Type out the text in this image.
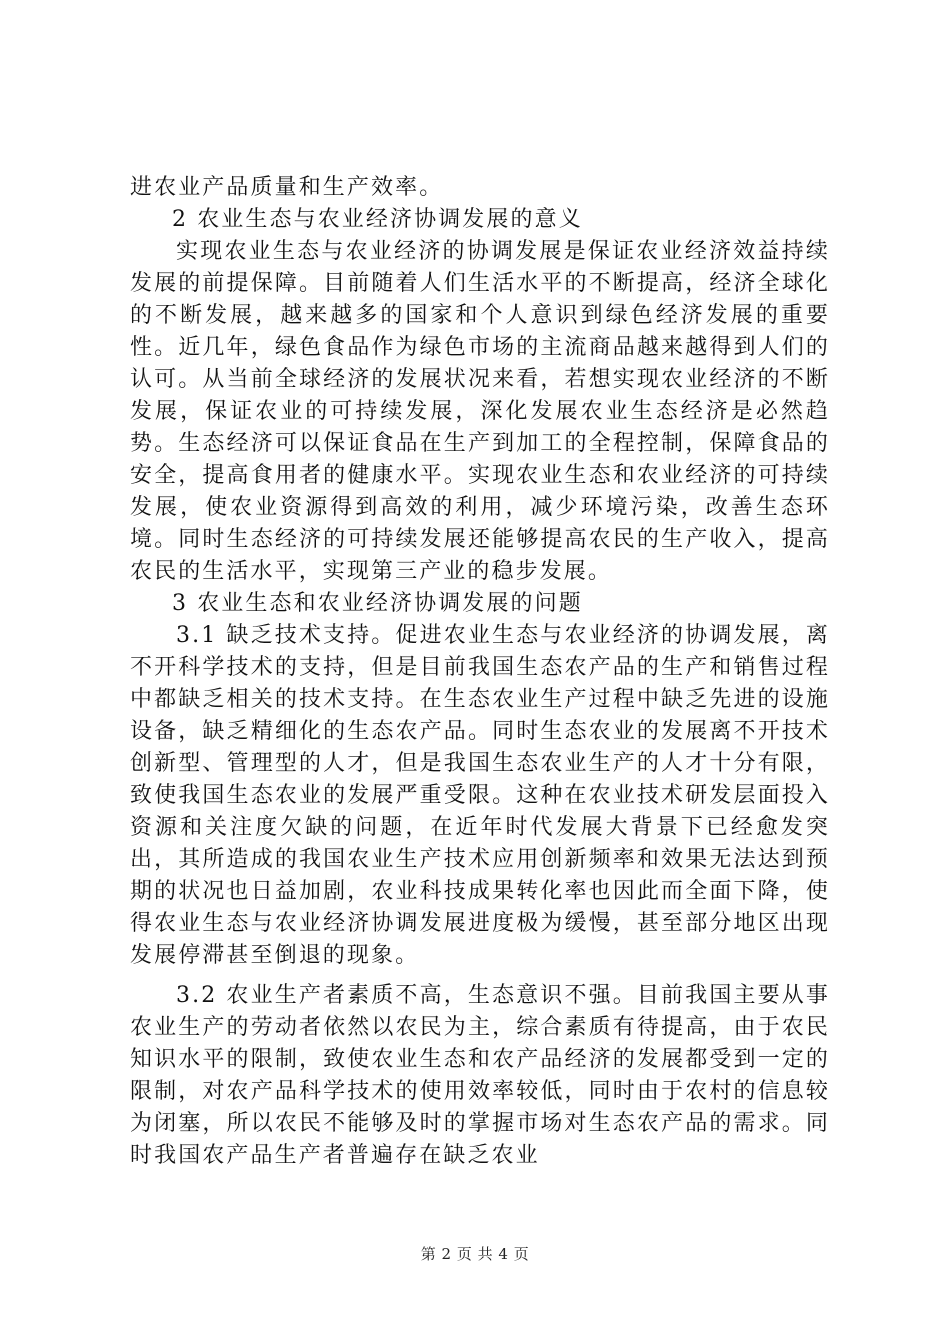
进农业产品质量和生产效率。

2 农业生态与农业经济协调发展的意义

实现农业生态与农业经济的协调发展是保证农业经济效益持续发展的前提保障。目前随着人们生活水平的不断提高，经济全球化的不断发展，越来越多的国家和个人意识到绿色经济发展的重要性。近几年，绿色食品作为绿色市场的主流商品越来越得到人们的认可。从当前全球经济的发展状况来看，若想实现农业经济的不断发展，保证农业的可持续发展，深化发展农业生态经济是必然趋势。生态经济可以保证食品在生产到加工的全程控制，保障食品的安全，提高食用者的健康水平。实现农业生态和农业经济的可持续发展，使农业资源得到高效的利用，减少环境污染，改善生态环境。同时生态经济的可持续发展还能够提高农民的生产收入，提高农民的生活水平，实现第三产业的稳步发展。

3 农业生态和农业经济协调发展的问题

3.1 缺乏技术支持。促进农业生态与农业经济的协调发展，离不开科学技术的支持，但是目前我国生态农产品的生产和销售过程中都缺乏相关的技术支持。在生态农业生产过程中缺乏先进的设施设备，缺乏精细化的生态农产品。同时生态农业的发展离不开技术创新型、管理型的人才，但是我国生态农业生产的人才十分有限，致使我国生态农业的发展严重受限。这种在农业技术研发层面投入资源和关注度欠缺的问题，在近年时代发展大背景下已经愈发突出，其所造成的我国农业生产技术应用创新频率和效果无法达到预期的状况也日益加剧，农业科技成果转化率也因此而全面下降，使得农业生态与农业经济协调发展进度极为缓慢，甚至部分地区出现发展停滞甚至倒退的现象。

3.2 农业生产者素质不高，生态意识不强。目前我国主要从事农业生产的劳动者依然以农民为主，综合素质有待提高，由于农民知识水平的限制，致使农业生态和农产品经济的发展都受到一定的限制，对农产品科学技术的使用效率较低，同时由于农村的信息较为闭塞，所以农民不能够及时的掌握市场对生态农产品的需求。同时我国农产品生产者普遍存在缺乏农业

第 2 页 共 4 页
